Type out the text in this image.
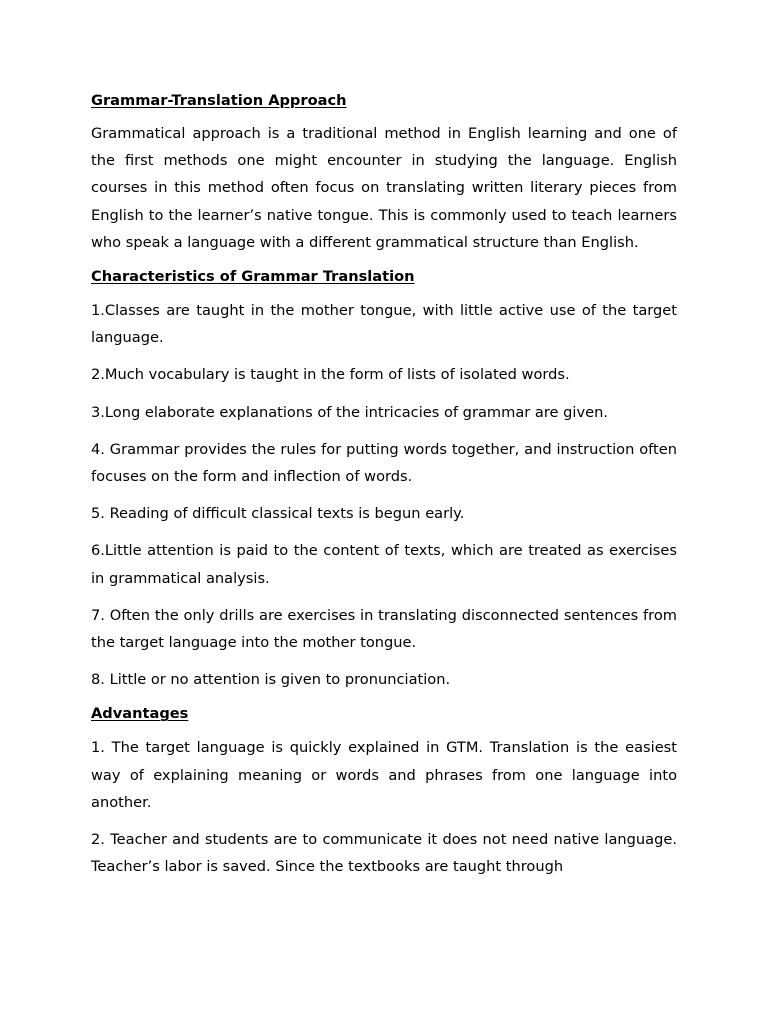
Grammar-Translation Approach

Grammatical approach is a traditional method in English learning and one of the first methods one might encounter in studying the language. English courses in this method often focus on translating written literary pieces from English to the learner’s native tongue. This is commonly used to teach learners who speak a language with a different grammatical structure than English.

Characteristics of Grammar Translation

1.Classes are taught in the mother tongue, with little active use of the target language.

2.Much vocabulary is taught in the form of lists of isolated words.

3.Long elaborate explanations of the intricacies of grammar are given.

4. Grammar provides the rules for putting words together, and instruction often focuses on the form and inflection of words.

5. Reading of difficult classical texts is begun early.

6.Little attention is paid to the content of texts, which are treated as exercises in grammatical analysis.

7. Often the only drills are exercises in translating disconnected sentences from the target language into the mother tongue.

8. Little or no attention is given to pronunciation.

Advantages

1. The target language is quickly explained in GTM. Translation is the easiest way of explaining meaning or words and phrases from one language into another.

2. Teacher and students are to communicate it does not need native language. Teacher’s labor is saved. Since the textbooks are taught through
